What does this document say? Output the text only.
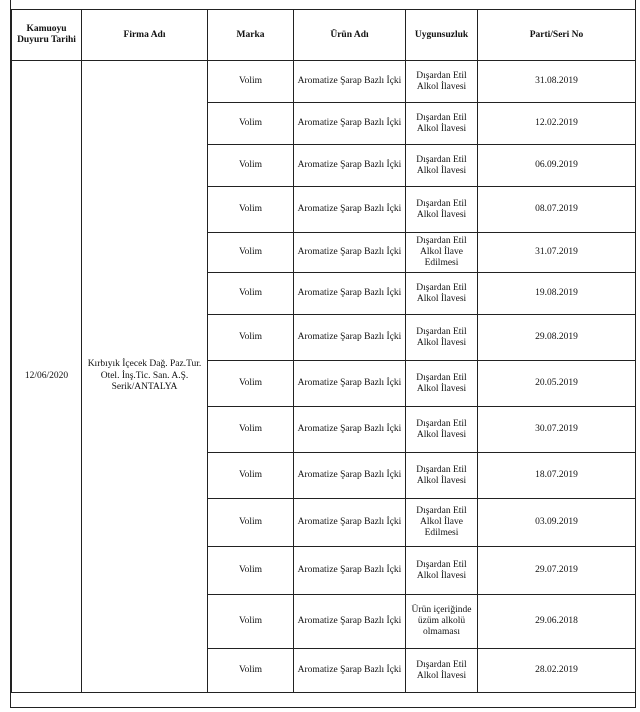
Kamuoyu Duyuru Tarihi	Firma Adı	Marka	Ürün Adı	Uygunsuzluk	Parti/Seri No
12/06/2020	Kırbıyık İçecek Dağ. Paz.Tur. Otel. İnş.Tic. San. A.Ş. Serik/ANTALYA	Volim	Aromatize Şarap Bazlı İçki	Dışardan Etil Alkol İlavesi	31.08.2019
		Volim	Aromatize Şarap Bazlı İçki	Dışardan Etil Alkol İlavesi	12.02.2019
		Volim	Aromatize Şarap Bazlı İçki	Dışardan Etil Alkol İlavesi	06.09.2019
		Volim	Aromatize Şarap Bazlı İçki	Dışardan Etil Alkol İlavesi	08.07.2019
		Volim	Aromatize Şarap Bazlı İçki	Dışardan Etil Alkol İlave Edilmesi	31.07.2019
		Volim	Aromatize Şarap Bazlı İçki	Dışardan Etil Alkol İlavesi	19.08.2019
		Volim	Aromatize Şarap Bazlı İçki	Dışardan Etil Alkol İlavesi	29.08.2019
		Volim	Aromatize Şarap Bazlı İçki	Dışardan Etil Alkol İlavesi	20.05.2019
		Volim	Aromatize Şarap Bazlı İçki	Dışardan Etil Alkol İlavesi	30.07.2019
		Volim	Aromatize Şarap Bazlı İçki	Dışardan Etil Alkol İlavesi	18.07.2019
		Volim	Aromatize Şarap Bazlı İçki	Dışardan Etil Alkol İlave Edilmesi	03.09.2019
		Volim	Aromatize Şarap Bazlı İçki	Dışardan Etil Alkol İlavesi	29.07.2019
		Volim	Aromatize Şarap Bazlı İçki	Ürün içeriğinde üzüm alkolü olmaması	29.06.2018
		Volim	Aromatize Şarap Bazlı İçki	Dışardan Etil Alkol İlavesi	28.02.2019
